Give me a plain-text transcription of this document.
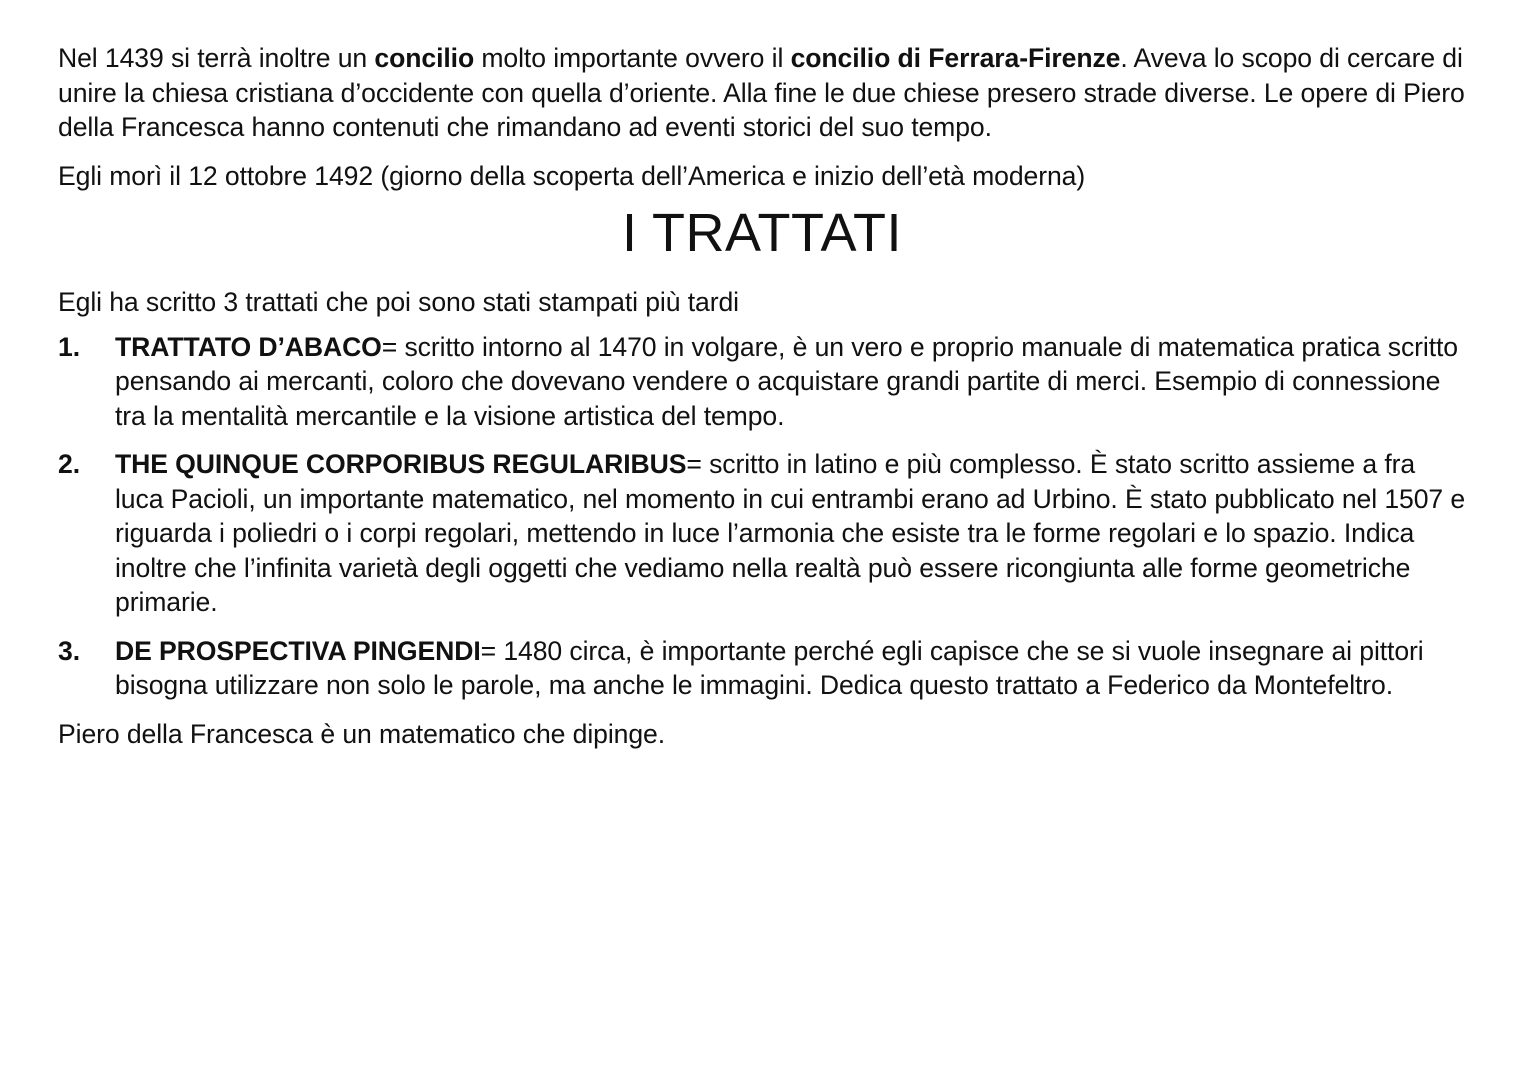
Nel 1439 si terrà inoltre un concilio molto importante ovvero il concilio di Ferrara-Firenze. Aveva lo scopo di cercare di unire la chiesa cristiana d’occidente con quella d’oriente. Alla fine le due chiese presero strade diverse. Le opere di Piero della Francesca hanno contenuti che rimandano ad eventi storici del suo tempo.

Egli morì il 12 ottobre 1492 (giorno della scoperta dell’America e inizio dell’età moderna)

I TRATTATI

Egli ha scritto 3 trattati che poi sono stati stampati più tardi

1. TRATTATO D’ABACO= scritto intorno al 1470 in volgare, è un vero e proprio manuale di matematica pratica scritto pensando ai mercanti, coloro che dovevano vendere o acquistare grandi partite di merci. Esempio di connessione tra la mentalità mercantile e la visione artistica del tempo.
2. THE QUINQUE CORPORIBUS REGULARIBUS= scritto in latino e più complesso. È stato scritto assieme a fra luca Pacioli, un importante matematico, nel momento in cui entrambi erano ad Urbino. È stato pubblicato nel 1507 e riguarda i poliedri o i corpi regolari, mettendo in luce l’armonia che esiste tra le forme regolari e lo spazio. Indica inoltre che l’infinita varietà degli oggetti che vediamo nella realtà può essere ricongiunta alle forme geometriche primarie.
3. DE PROSPECTIVA PINGENDI= 1480 circa, è importante perché egli capisce che se si vuole insegnare ai pittori bisogna utilizzare non solo le parole, ma anche le immagini. Dedica questo trattato a Federico da Montefeltro.

Piero della Francesca è un matematico che dipinge.
